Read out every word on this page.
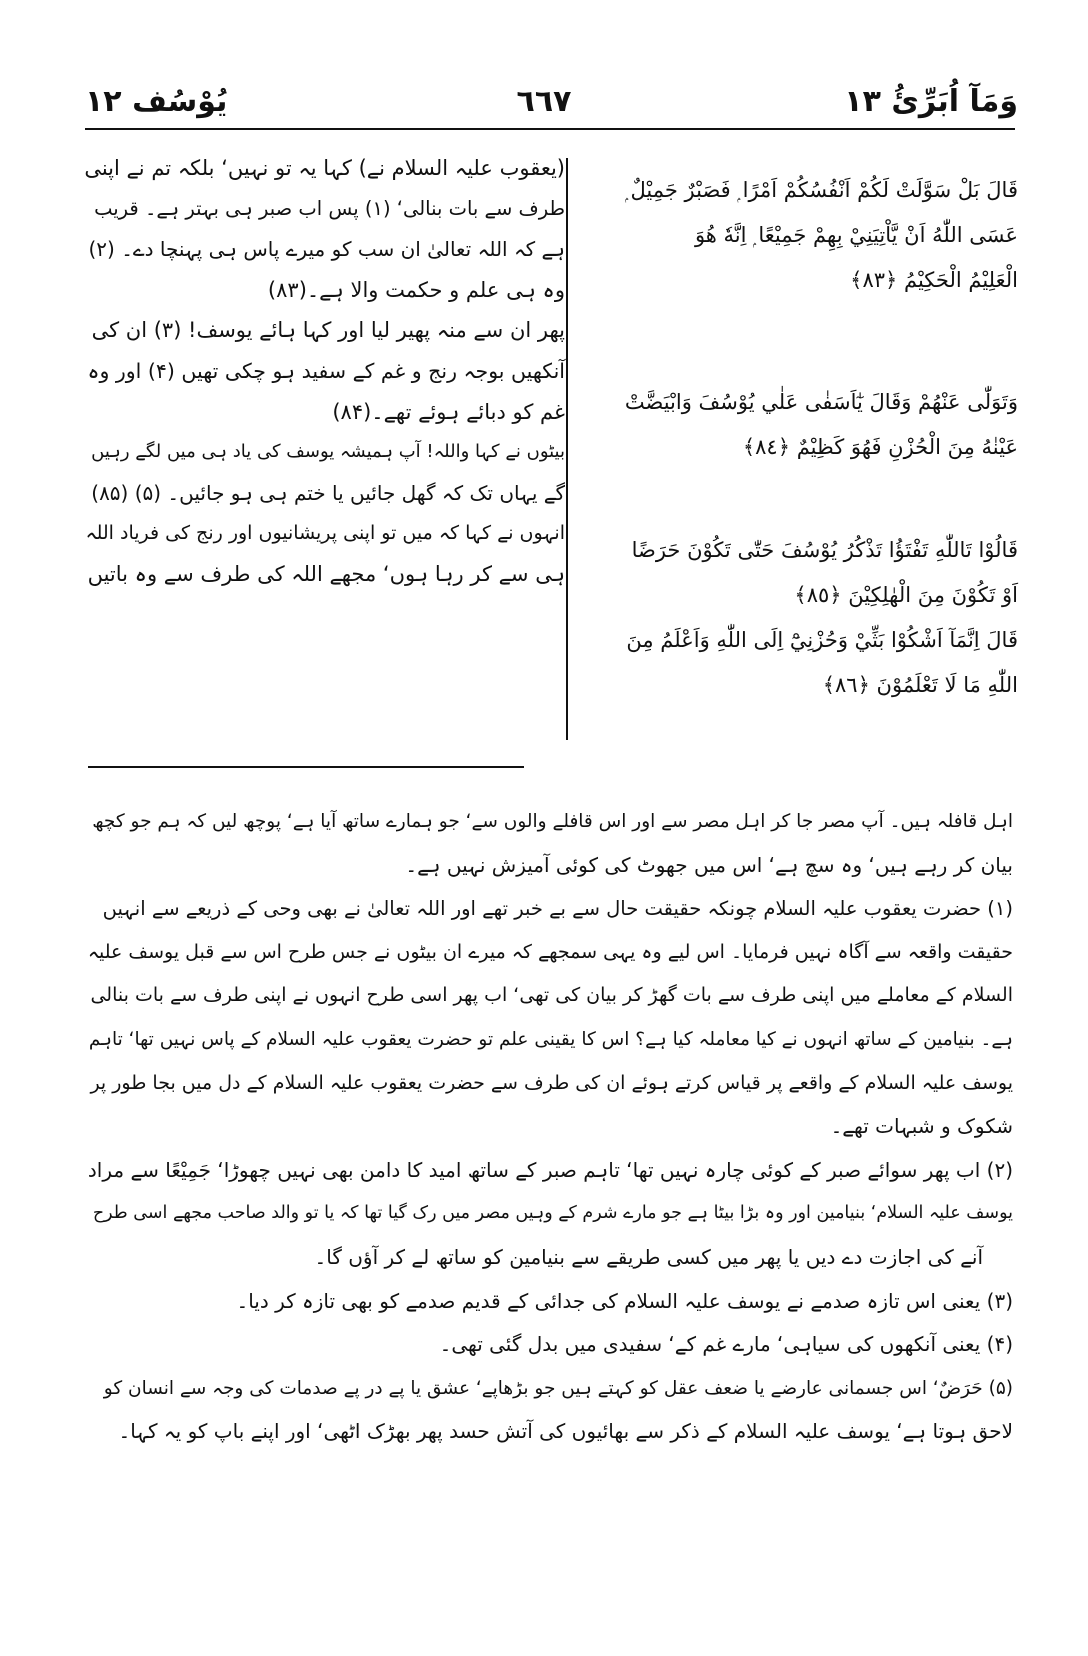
وَمَآ اُبَرِّئُ ١٣
٦٦٧
يُوْسُف ١٢
(یعقوب علیہ السلام نے) کہا یہ تو نہیں‘ بلکہ تم نے اپنی
طرف سے بات بنالی‘ (۱) پس اب صبر ہی بہتر ہے۔ قریب
ہے کہ اللہ تعالیٰ ان سب کو میرے پاس ہی پہنچا دے۔ (۲)
وہ ہی علم و حکمت والا ہے۔(۸۳)
پھر ان سے منہ پھیر لیا اور کہا ہائے یوسف! (۳) ان کی
آنکھیں بوجہ رنج و غم کے سفید ہو چکی تھیں (۴) اور وہ
غم کو دبائے ہوئے تھے۔(۸۴)
بیٹوں نے کہا واللہ! آپ ہمیشہ یوسف کی یاد ہی میں لگے رہیں
گے یہاں تک کہ گھل جائیں یا ختم ہی ہو جائیں۔ (۵) (۸۵)
انہوں نے کہا کہ میں تو اپنی پریشانیوں اور رنج کی فریاد اللہ
ہی سے کر رہا ہوں‘ مجھے اللہ کی طرف سے وہ باتیں
قَالَ بَلْ سَوَّلَتْ لَكُمْ اَنْفُسُكُمْ اَمْرًا ۭ فَصَبْرٌ جَمِيْلٌ ۭ
عَسَى اللّٰهُ اَنْ يَّاْتِيَنِيْ بِهِمْ جَمِيْعًا ۭ اِنَّهٗ هُوَ
الْعَلِيْمُ الْحَكِيْمُ ﴿٨٣﴾
وَتَوَلّٰى عَنْهُمْ وَقَالَ يٰٓاَسَفٰى عَلٰي يُوْسُفَ وَابْيَضَّتْ
عَيْنٰهُ مِنَ الْحُزْنِ فَهُوَ كَظِيْمٌ ﴿٨٤﴾
قَالُوْا تَاللّٰهِ تَفْتَؤُا تَذْكُرُ يُوْسُفَ حَتّٰى تَكُوْنَ حَرَضًا
اَوْ تَكُوْنَ مِنَ الْهٰلِكِيْنَ ﴿٨٥﴾
قَالَ اِنَّمَآ اَشْكُوْا بَثِّيْ وَحُزْنِيْٓ اِلَى اللّٰهِ وَاَعْلَمُ مِنَ
اللّٰهِ مَا لَا تَعْلَمُوْنَ ﴿٨٦﴾
اہل قافلہ ہیں۔ آپ مصر جا کر اہل مصر سے اور اس قافلے والوں سے‘ جو ہمارے ساتھ آیا ہے‘ پوچھ لیں کہ ہم جو کچھ
بیان کر رہے ہیں‘ وہ سچ ہے‘ اس میں جھوٹ کی کوئی آمیزش نہیں ہے۔
(۱) حضرت یعقوب علیہ السلام چونکہ حقیقت حال سے بے خبر تھے اور اللہ تعالیٰ نے بھی وحی کے ذریعے سے انہیں
حقیقت واقعہ سے آگاہ نہیں فرمایا۔ اس لیے وہ یہی سمجھے کہ میرے ان بیٹوں نے جس طرح اس سے قبل یوسف علیہ
السلام کے معاملے میں اپنی طرف سے بات گھڑ کر بیان کی تھی‘ اب پھر اسی طرح انہوں نے اپنی طرف سے بات بنالی
ہے۔ بنیامین کے ساتھ انہوں نے کیا معاملہ کیا ہے؟ اس کا یقینی علم تو حضرت یعقوب علیہ السلام کے پاس نہیں تھا‘ تاہم
یوسف علیہ السلام کے واقعے پر قیاس کرتے ہوئے ان کی طرف سے حضرت یعقوب علیہ السلام کے دل میں بجا طور پر
شکوک و شبہات تھے۔
(۲) اب پھر سوائے صبر کے کوئی چارہ نہیں تھا‘ تاہم صبر کے ساتھ امید کا دامن بھی نہیں چھوڑا‘ جَمِيْعًا سے مراد
یوسف علیہ السلام‘ بنیامین اور وہ بڑا بیٹا ہے جو مارے شرم کے وہیں مصر میں رک گیا تھا کہ یا تو والد صاحب مجھے اسی طرح
آنے کی اجازت دے دیں یا پھر میں کسی طریقے سے بنیامین کو ساتھ لے کر آؤں گا۔
(۳) یعنی اس تازہ صدمے نے یوسف علیہ السلام کی جدائی کے قدیم صدمے کو بھی تازہ کر دیا۔
(۴) یعنی آنکھوں کی سیاہی‘ مارے غم کے‘ سفیدی میں بدل گئی تھی۔
(۵) حَرَضٌ‘ اس جسمانی عارضے یا ضعف عقل کو کہتے ہیں جو بڑھاپے‘ عشق یا پے در پے صدمات کی وجہ سے انسان کو
لاحق ہوتا ہے‘ یوسف علیہ السلام کے ذکر سے بھائیوں کی آتش حسد پھر بھڑک اٹھی‘ اور اپنے باپ کو یہ کہا۔
